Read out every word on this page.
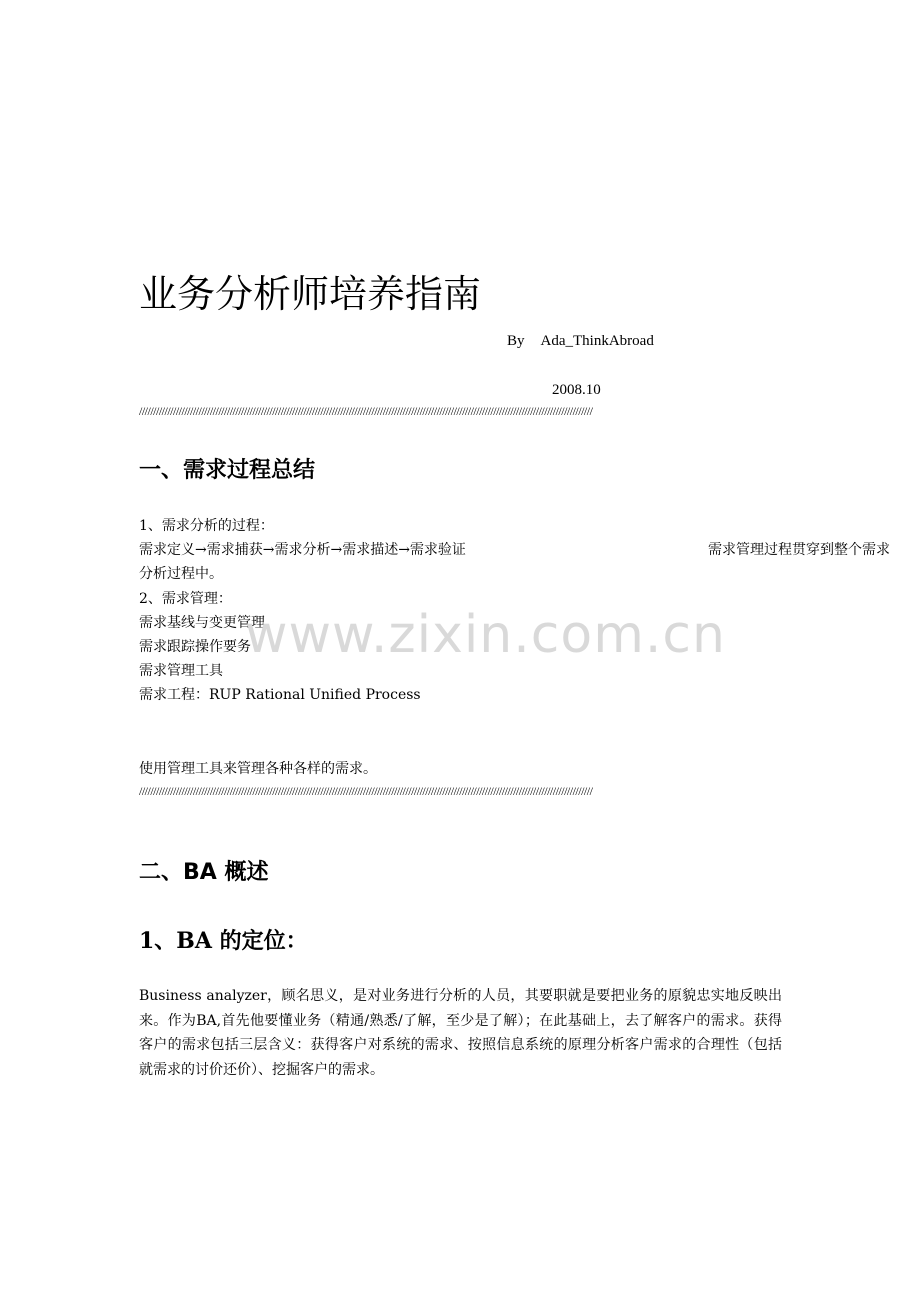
业务分析师培养指南
By Ada_ThinkAbroad
2008.10
////////////////////////////////////////////////////////////////////////////////////////////////////////////////////////////////////////////////////////////////
一、需求过程总结
1、需求分析的过程：
需求定义→需求捕获→需求分析→需求描述→需求验证	需求管理过程贯穿到整个需求
分析过程中。
2、需求管理：
需求基线与变更管理
需求跟踪操作要务
需求管理工具
需求工程：RUP Rational Unified Process
使用管理工具来管理各种各样的需求。
////////////////////////////////////////////////////////////////////////////////////////////////////////////////////////////////////////////////////////////////
二、BA 概述
1、BA 的定位：
Business analyzer，顾名思义，是对业务进行分析的人员，其要职就是要把业务的原貌忠实地反映出来。作为BA,首先他要懂业务（精通/熟悉/了解，至少是了解）；在此基础上，去了解客户的需求。获得客户的需求包括三层含义：获得客户对系统的需求、按照信息系统的原理分析客户需求的合理性（包括就需求的讨价还价）、挖掘客户的需求。
www.zixin.com.cn
